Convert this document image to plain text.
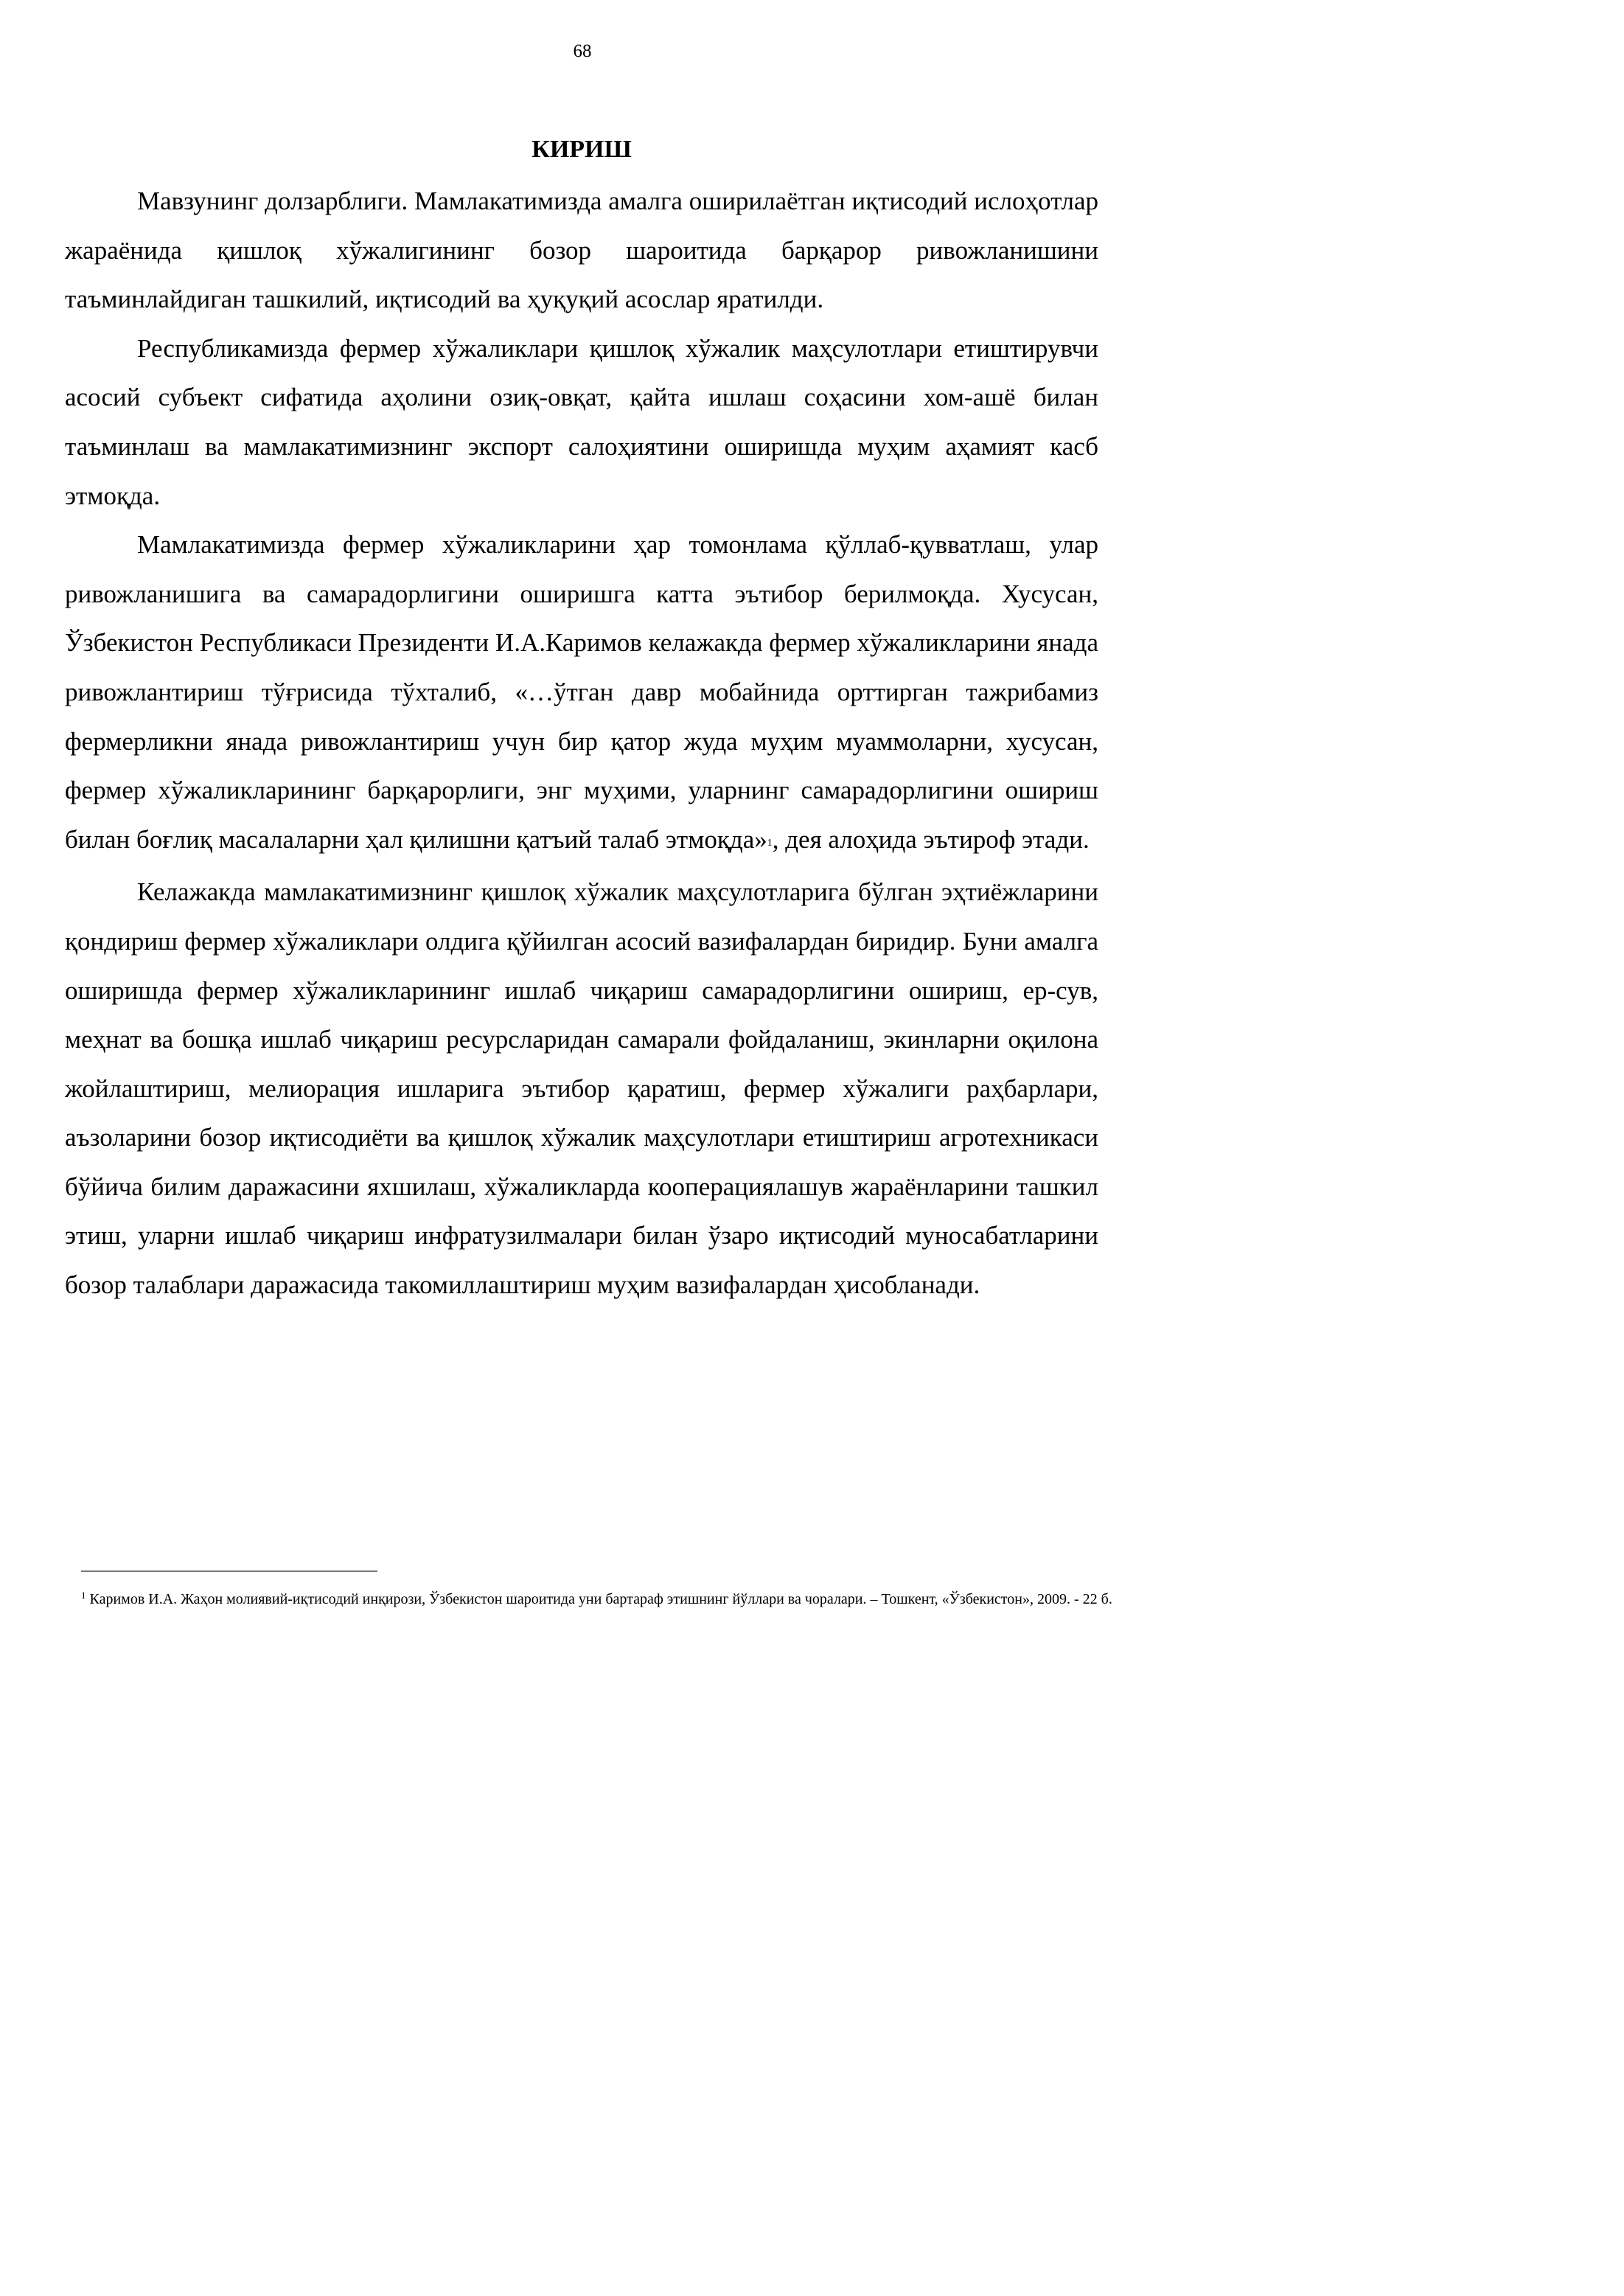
68
КИРИШ

Мавзунинг долзарблиги. Мамлакатимизда амалга оширилаётган иқтисодий ислоҳотлар жараёнида қишлоқ хўжалигининг бозор шароитида барқарор ривожланишини таъминлайдиган ташкилий, иқтисодий ва ҳуқуқий асослар яратилди.

Республикамизда фермер хўжаликлари қишлоқ хўжалик маҳсулотлари етиштирувчи асосий субъект сифатида аҳолини озиқ-овқат, қайта ишлаш соҳасини хом-ашё билан таъминлаш ва мамлакатимизнинг экспорт салоҳиятини оширишда муҳим аҳамият касб этмоқда.

Мамлакатимизда фермер хўжаликларини ҳар томонлама қўллаб-қувватлаш, улар ривожланишига ва самарадорлигини оширишга катта эътибор берилмоқда. Хусусан, Ўзбекистон Республикаси Президенти И.А.Каримов келажакда фермер хўжаликларини янада ривожлантириш тўғрисида тўхталиб, «…ўтган давр мобайнида орттирган тажрибамиз фермерликни янада ривожлантириш учун бир қатор жуда муҳим муаммоларни, хусусан, фермер хўжаликларининг барқарорлиги, энг муҳими, уларнинг самарадорлигини ошириш билан боғлиқ масалаларни ҳал қилишни қатъий талаб этмоқда»1, дея алоҳида эътироф этади.

Келажакда мамлакатимизнинг қишлоқ хўжалик маҳсулотларига бўлган эҳтиёжларини қондириш фермер хўжаликлари олдига қўйилган асосий вазифалардан биридир. Буни амалга оширишда фермер хўжаликларининг ишлаб чиқариш самарадорлигини ошириш, ер-сув, меҳнат ва бошқа ишлаб чиқариш ресурсларидан самарали фойдаланиш, экинларни оқилона жойлаштириш, мелиорация ишларига эътибор қаратиш, фермер хўжалиги раҳбарлари, аъзоларини бозор иқтисодиёти ва қишлоқ хўжалик маҳсулотлари етиштириш агротехникаси бўйича билим даражасини яхшилаш, хўжаликларда кооперациялашув жараёнларини ташкил этиш, уларни ишлаб чиқариш инфратузилмалари билан ўзаро иқтисодий муносабатларини бозор талаблари даражасида такомиллаштириш муҳим вазифалардан ҳисобланади.

$^1$ Каримов И.А. Жаҳон молиявий-иқтисодий инқирози, Ўзбекистон шароитида уни бартараф этишнинг йўллари ва чоралари. – Тошкент, «Ўзбекистон», 2009. - 22 б.
